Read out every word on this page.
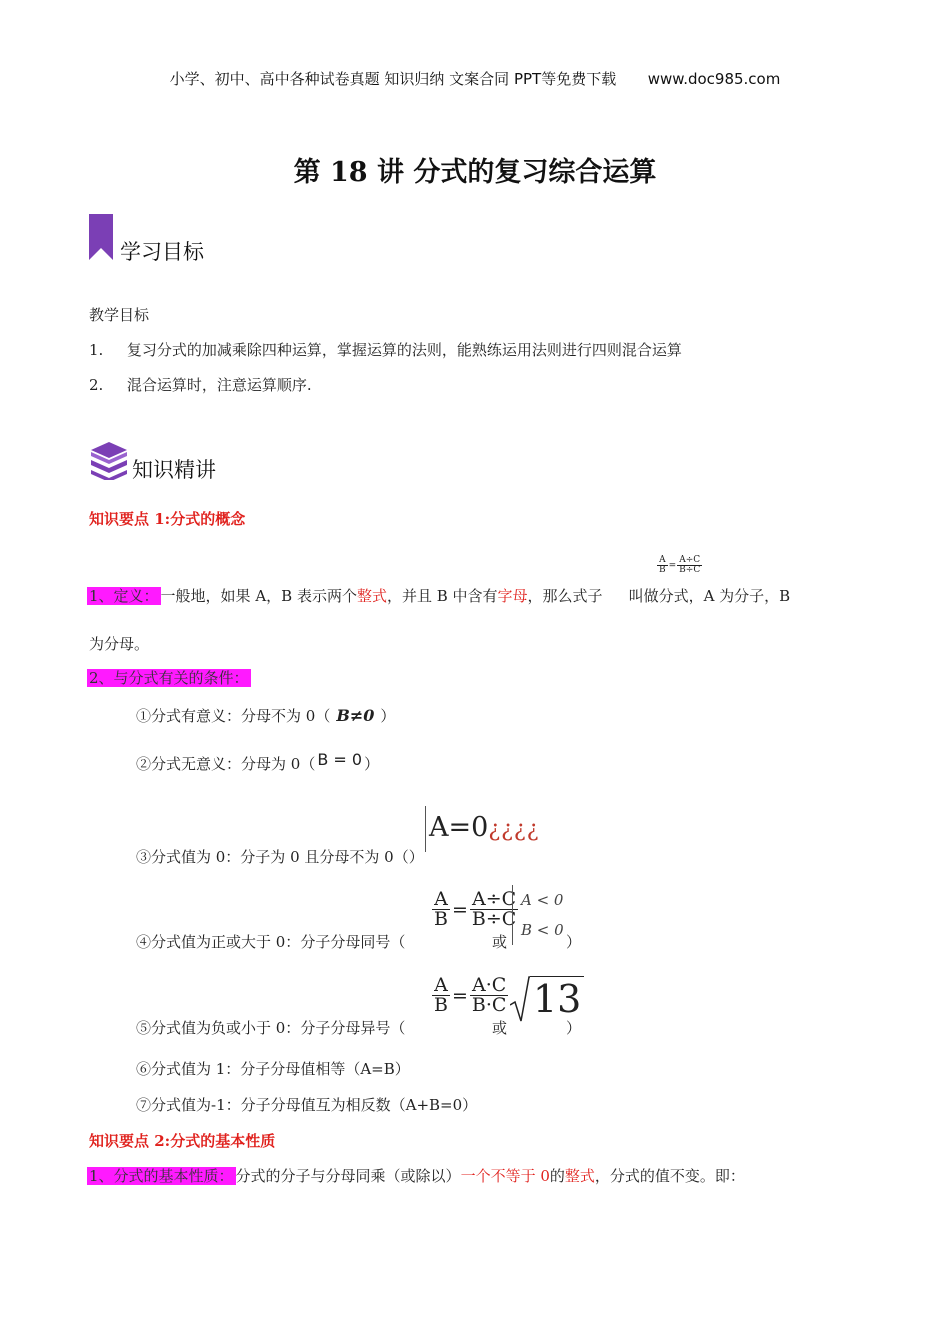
小学、初中、高中各种试卷真题 知识归纳 文案合同 PPT等免费下载 www.doc985.com
第 18 讲 分式的复习综合运算
学习目标
教学目标
1. 复习分式的加减乘除四种运算，掌握运算的法则，能熟练运用法则进行四则混合运算
2. 混合运算时，注意运算顺序.
知识精讲
知识要点 1:分式的概念
$\frac{A}{B} = \frac{A\div C}{B\div C}$
1、定义： 一般地，如果 A，B 表示两个整式，并且 B 中含有字母，那么式子 叫做分式，A 为分子，B
为分母。
2、与分式有关的条件：
①分式有意义：分母不为 0（ B≠0 ）
②分式无意义：分母为 0（ B = 0 ）
③分式值为 0：分子为 0 且分母不为 0（）
A=0¿¿¿¿
$\frac{A}{B} = \frac{A\div C}{B\div C}$ A < 0
B < 0
④分式值为正或大于 0：分子分母同号（	或	）
$\frac{A}{B} = \frac{A\cdot C}{B\cdot C} 13$
⑤分式值为负或小于 0：分子分母异号（	或	）
⑥分式值为 1：分子分母值相等（A=B）
⑦分式值为-1：分子分母值互为相反数（A+B=0）
知识要点 2:分式的基本性质
1、分式的基本性质： 分式的分子与分母同乘（或除以）一个不等于 0的整式，分式的值不变。即：
